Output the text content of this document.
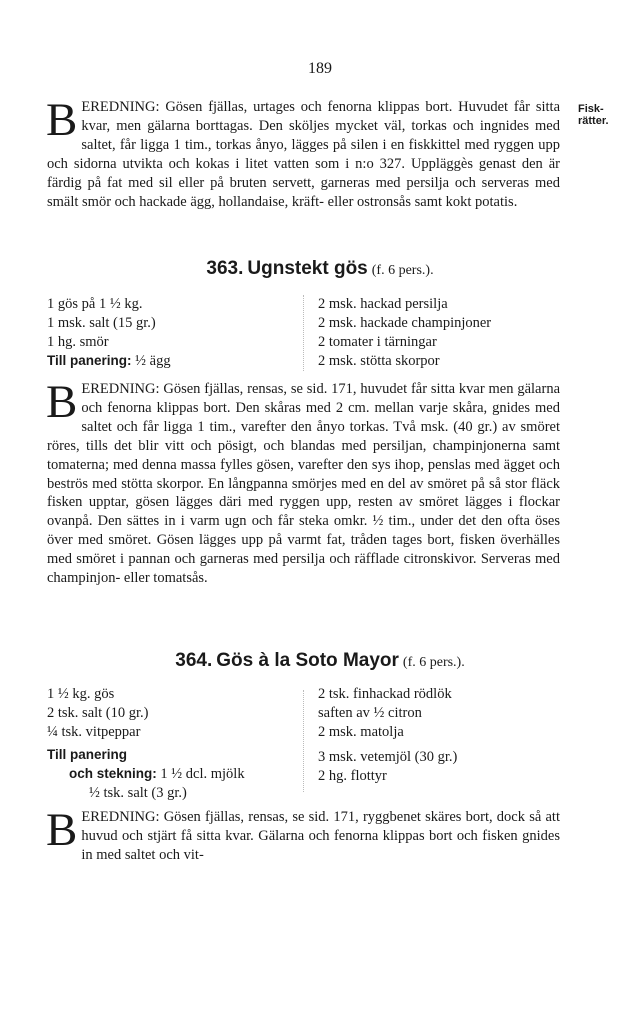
189
Fisk-
rätter.
BEREDNING: Gösen fjällas, urtages och fenorna klippas bort. Huvudet får sitta kvar, men gälarna borttagas. Den sköljes mycket väl, torkas och ingnides med saltet, får ligga 1 tim., torkas ånyo, lägges på silen i en fiskkittel med ryggen upp och sidorna utvikta och kokas i litet vatten som i n:o 327. Uppläggès genast den är färdig på fat med sil eller på bruten servett, garneras med persilja och serveras med smält smör och hackade ägg, hollandaise, kräft- eller ostronsås samt kokt potatis.
363. Ugnstekt gös (f. 6 pers.).
1 gös på 1 ½ kg.
1 msk. salt (15 gr.)
1 hg. smör
Till panering: ½ ägg
2 msk. hackad persilja
2 msk. hackade champinjoner
2 tomater i tärningar
2 msk. stötta skorpor
BEREDNING: Gösen fjällas, rensas, se sid. 171, huvudet får sitta kvar men gälarna och fenorna klippas bort. Den skåras med 2 cm. mellan varje skåra, gnides med saltet och får ligga 1 tim., varefter den ånyo torkas. Två msk. (40 gr.) av smöret röres, tills det blir vitt och pösigt, och blandas med persiljan, champinjonerna samt tomaterna; med denna massa fylles gösen, varefter den sys ihop, penslas med ägget och beströs med stötta skorpor. En långpanna smörjes med en del av smöret på så stor fläck fisken upptar, gösen lägges däri med ryggen upp, resten av smöret lägges i flockar ovanpå. Den sättes in i varm ugn och får steka omkr. ½ tim., under det den ofta öses över med smöret. Gösen lägges upp på varmt fat, tråden tages bort, fisken överhälles med smöret i pannan och garneras med persilja och räfflade citronskivor. Serveras med champinjon- eller tomatsås.
364. Gös à la Soto Mayor (f. 6 pers.).
1 ½ kg. gös
2 tsk. salt (10 gr.)
¼ tsk. vitpeppar
Till panering
och stekning: 1 ½ dcl. mjölk
½ tsk. salt (3 gr.)
2 tsk. finhackad rödlök
saften av ½ citron
2 msk. matolja
3 msk. vetemjöl (30 gr.)
2 hg. flottyr
BEREDNING: Gösen fjällas, rensas, se sid. 171, ryggbenet skäres bort, dock så att huvud och stjärt få sitta kvar. Gälarna och fenorna klippas bort och fisken gnides in med saltet och vit-
